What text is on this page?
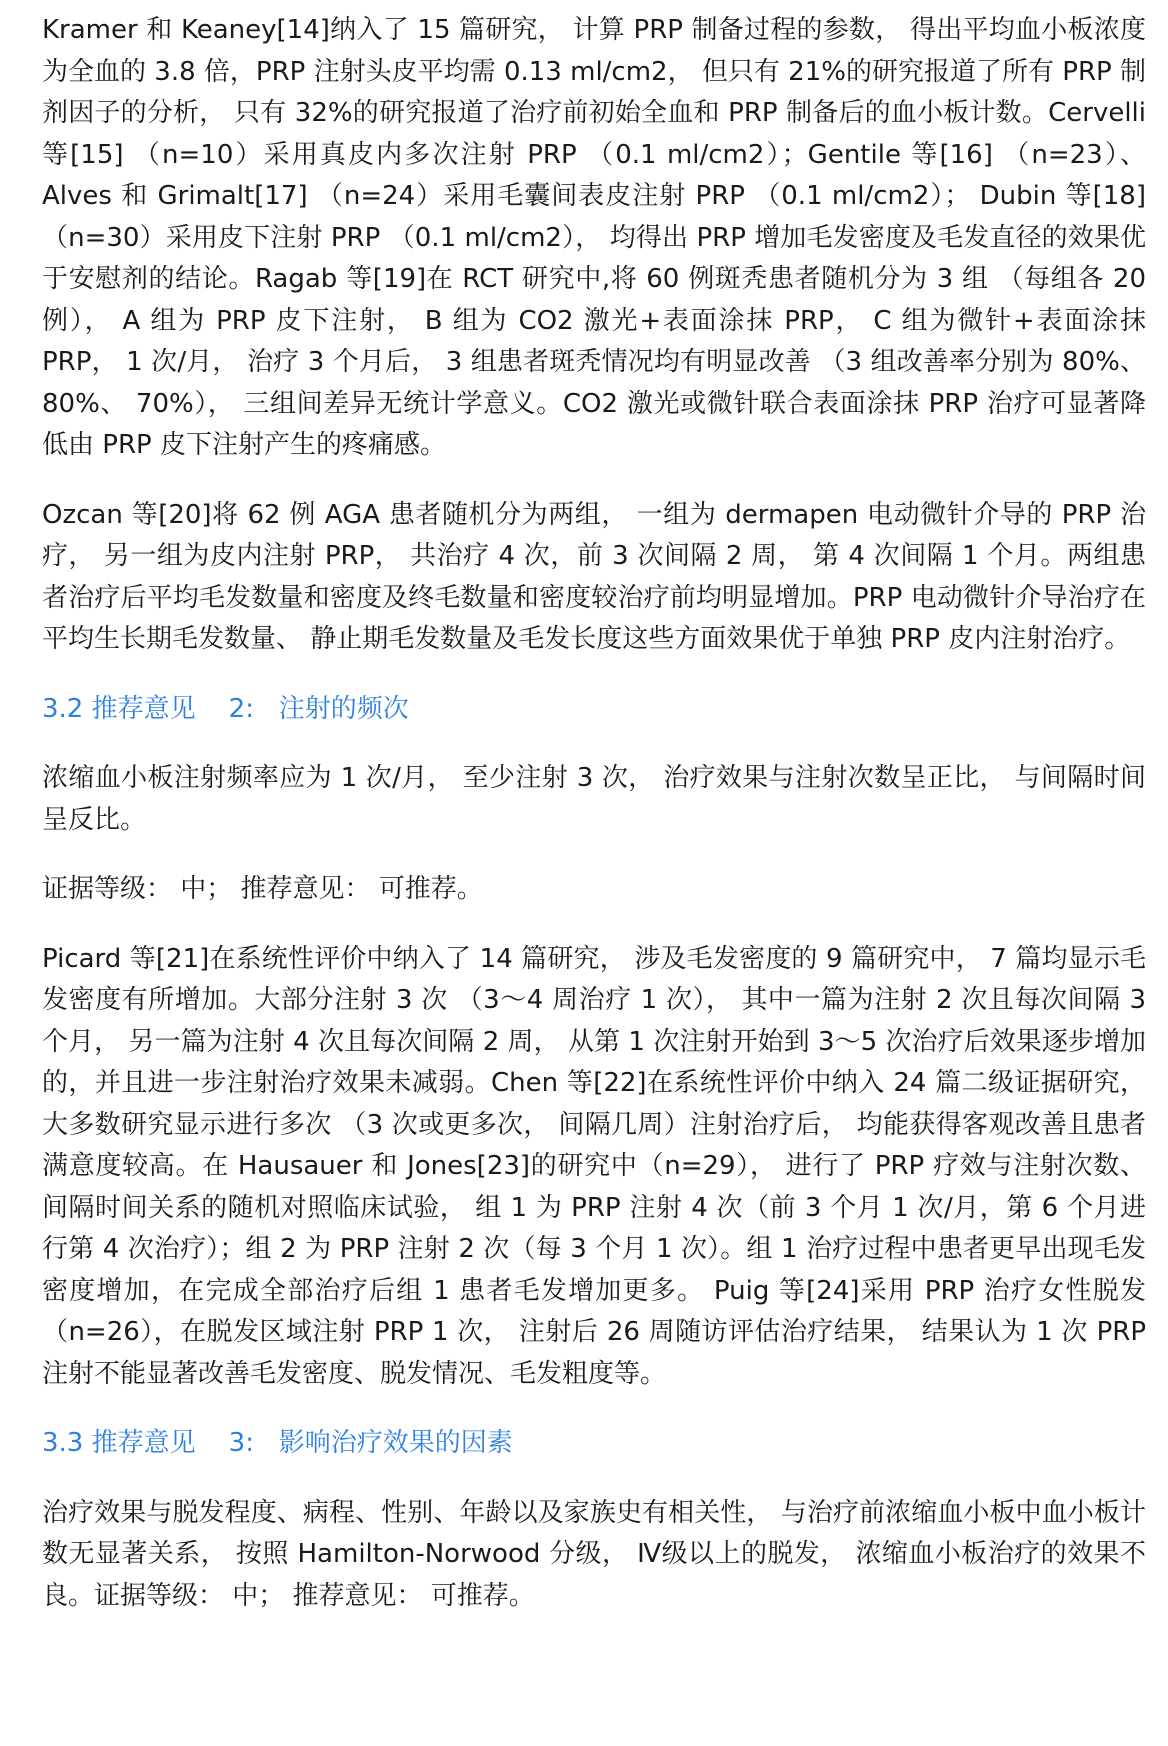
Kramer 和 Keaney[14]纳入了 15 篇研究， 计算 PRP 制备过程的参数， 得出平均血小板浓度为全血的 3.8 倍，PRP 注射头皮平均需 0.13 ml/cm2， 但只有 21%的研究报道了所有 PRP 制剂因子的分析， 只有 32%的研究报道了治疗前初始全血和 PRP 制备后的血小板计数。Cervelli 等[15] （n=10）采用真皮内多次注射 PRP （0.1 ml/cm2）；Gentile 等[16] （n=23）、 Alves 和 Grimalt[17] （n=24）采用毛囊间表皮注射 PRP （0.1 ml/cm2）； Dubin 等[18] （n=30）采用皮下注射 PRP （0.1 ml/cm2）， 均得出 PRP 增加毛发密度及毛发直径的效果优于安慰剂的结论。Ragab 等[19]在 RCT 研究中,将 60 例斑秃患者随机分为 3 组 （每组各 20 例）， A 组为 PRP 皮下注射， B 组为 CO2 激光+表面涂抹 PRP， C 组为微针+表面涂抹 PRP， 1 次/月， 治疗 3 个月后， 3 组患者斑秃情况均有明显改善 （3 组改善率分别为 80%、 80%、 70%）， 三组间差异无统计学意义。CO2 激光或微针联合表面涂抹 PRP 治疗可显著降低由 PRP 皮下注射产生的疼痛感。

Ozcan 等[20]将 62 例 AGA 患者随机分为两组， 一组为 dermapen 电动微针介导的 PRP 治疗， 另一组为皮内注射 PRP， 共治疗 4 次，前 3 次间隔 2 周， 第 4 次间隔 1 个月。两组患者治疗后平均毛发数量和密度及终毛数量和密度较治疗前均明显增加。PRP 电动微针介导治疗在平均生长期毛发数量、 静止期毛发数量及毛发长度这些方面效果优于单独 PRP 皮内注射治疗。

3.2 推荐意见    2:   注射的频次

浓缩血小板注射频率应为 1 次/月， 至少注射 3 次， 治疗效果与注射次数呈正比， 与间隔时间呈反比。

证据等级： 中； 推荐意见： 可推荐。

Picard 等[21]在系统性评价中纳入了 14 篇研究， 涉及毛发密度的 9 篇研究中， 7 篇均显示毛发密度有所增加。大部分注射 3 次 （3～4 周治疗 1 次）， 其中一篇为注射 2 次且每次间隔 3 个月， 另一篇为注射 4 次且每次间隔 2 周， 从第 1 次注射开始到 3～5 次治疗后效果逐步增加的，并且进一步注射治疗效果未减弱。Chen 等[22]在系统性评价中纳入 24 篇二级证据研究， 大多数研究显示进行多次 （3 次或更多次， 间隔几周）注射治疗后， 均能获得客观改善且患者满意度较高。在 Hausauer 和 Jones[23]的研究中（n=29）， 进行了 PRP 疗效与注射次数、间隔时间关系的随机对照临床试验， 组 1 为 PRP 注射 4 次（前 3 个月 1 次/月，第 6 个月进行第 4 次治疗）；组 2 为 PRP 注射 2 次（每 3 个月 1 次）。组 1 治疗过程中患者更早出现毛发密度增加，在完成全部治疗后组 1 患者毛发增加更多。 Puig 等[24]采用 PRP 治疗女性脱发（n=26），在脱发区域注射 PRP 1 次， 注射后 26 周随访评估治疗结果， 结果认为 1 次 PRP 注射不能显著改善毛发密度、脱发情况、毛发粗度等。

3.3 推荐意见    3:   影响治疗效果的因素

治疗效果与脱发程度、病程、性别、年龄以及家族史有相关性， 与治疗前浓缩血小板中血小板计数无显著关系， 按照 Hamilton-Norwood 分级， Ⅳ级以上的脱发， 浓缩血小板治疗的效果不良。证据等级： 中； 推荐意见： 可推荐。
